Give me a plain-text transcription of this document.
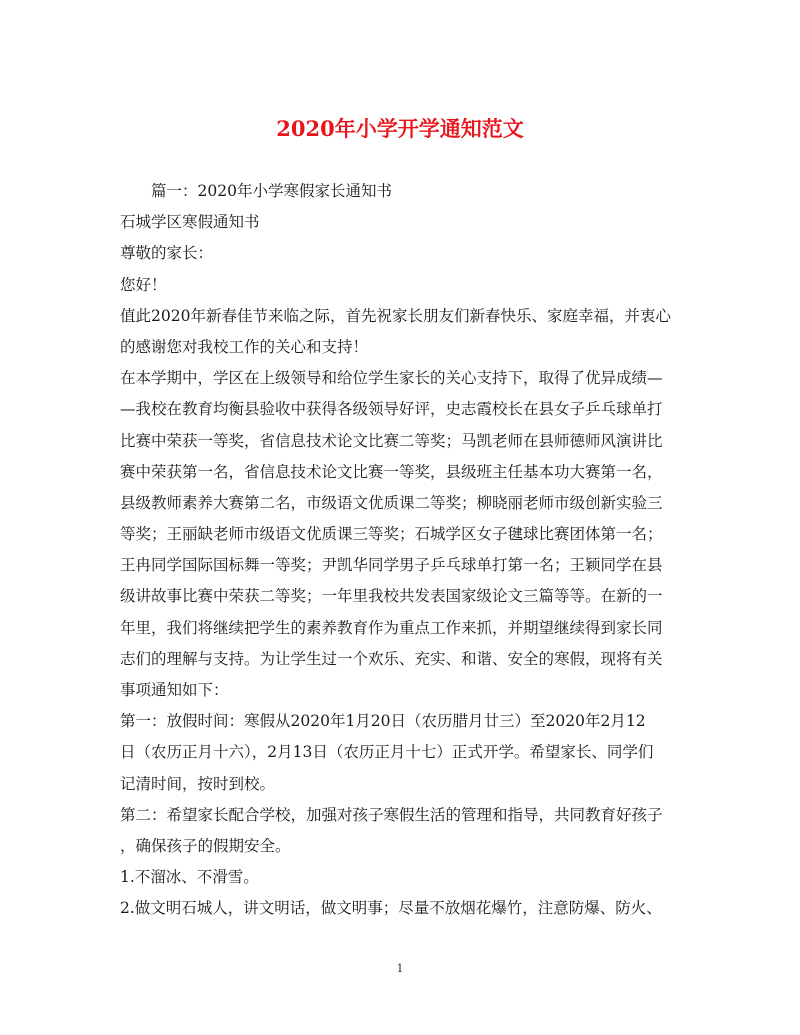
2020年小学开学通知范文
篇一：2020年小学寒假家长通知书
石城学区寒假通知书
尊敬的家长：
您好！
值此2020年新春佳节来临之际，首先祝家长朋友们新春快乐、家庭幸福，并衷心
的感谢您对我校工作的关心和支持！
在本学期中，学区在上级领导和给位学生家长的关心支持下，取得了优异成绩—
—我校在教育均衡县验收中获得各级领导好评，史志霞校长在县女子乒乓球单打
比赛中荣获一等奖，省信息技术论文比赛二等奖；马凯老师在县师德师风演讲比
赛中荣获第一名，省信息技术论文比赛一等奖，县级班主任基本功大赛第一名，
县级教师素养大赛第二名，市级语文优质课二等奖；柳晓丽老师市级创新实验三
等奖；王丽缺老师市级语文优质课三等奖；石城学区女子毽球比赛团体第一名；
王冉同学国际国标舞一等奖；尹凯华同学男子乒乓球单打第一名；王颖同学在县
级讲故事比赛中荣获二等奖；一年里我校共发表国家级论文三篇等等。在新的一
年里，我们将继续把学生的素养教育作为重点工作来抓，并期望继续得到家长同
志们的理解与支持。为让学生过一个欢乐、充实、和谐、安全的寒假，现将有关
事项通知如下：
第一：放假时间：寒假从2020年1月20日（农历腊月廿三）至2020年2月12
日（农历正月十六），2月13日（农历正月十七）正式开学。希望家长、同学们
记清时间，按时到校。
第二：希望家长配合学校，加强对孩子寒假生活的管理和指导，共同教育好孩子
，确保孩子的假期安全。
1.不溜冰、不滑雪。
2.做文明石城人，讲文明话，做文明事；尽量不放烟花爆竹，注意防爆、防火、
1
